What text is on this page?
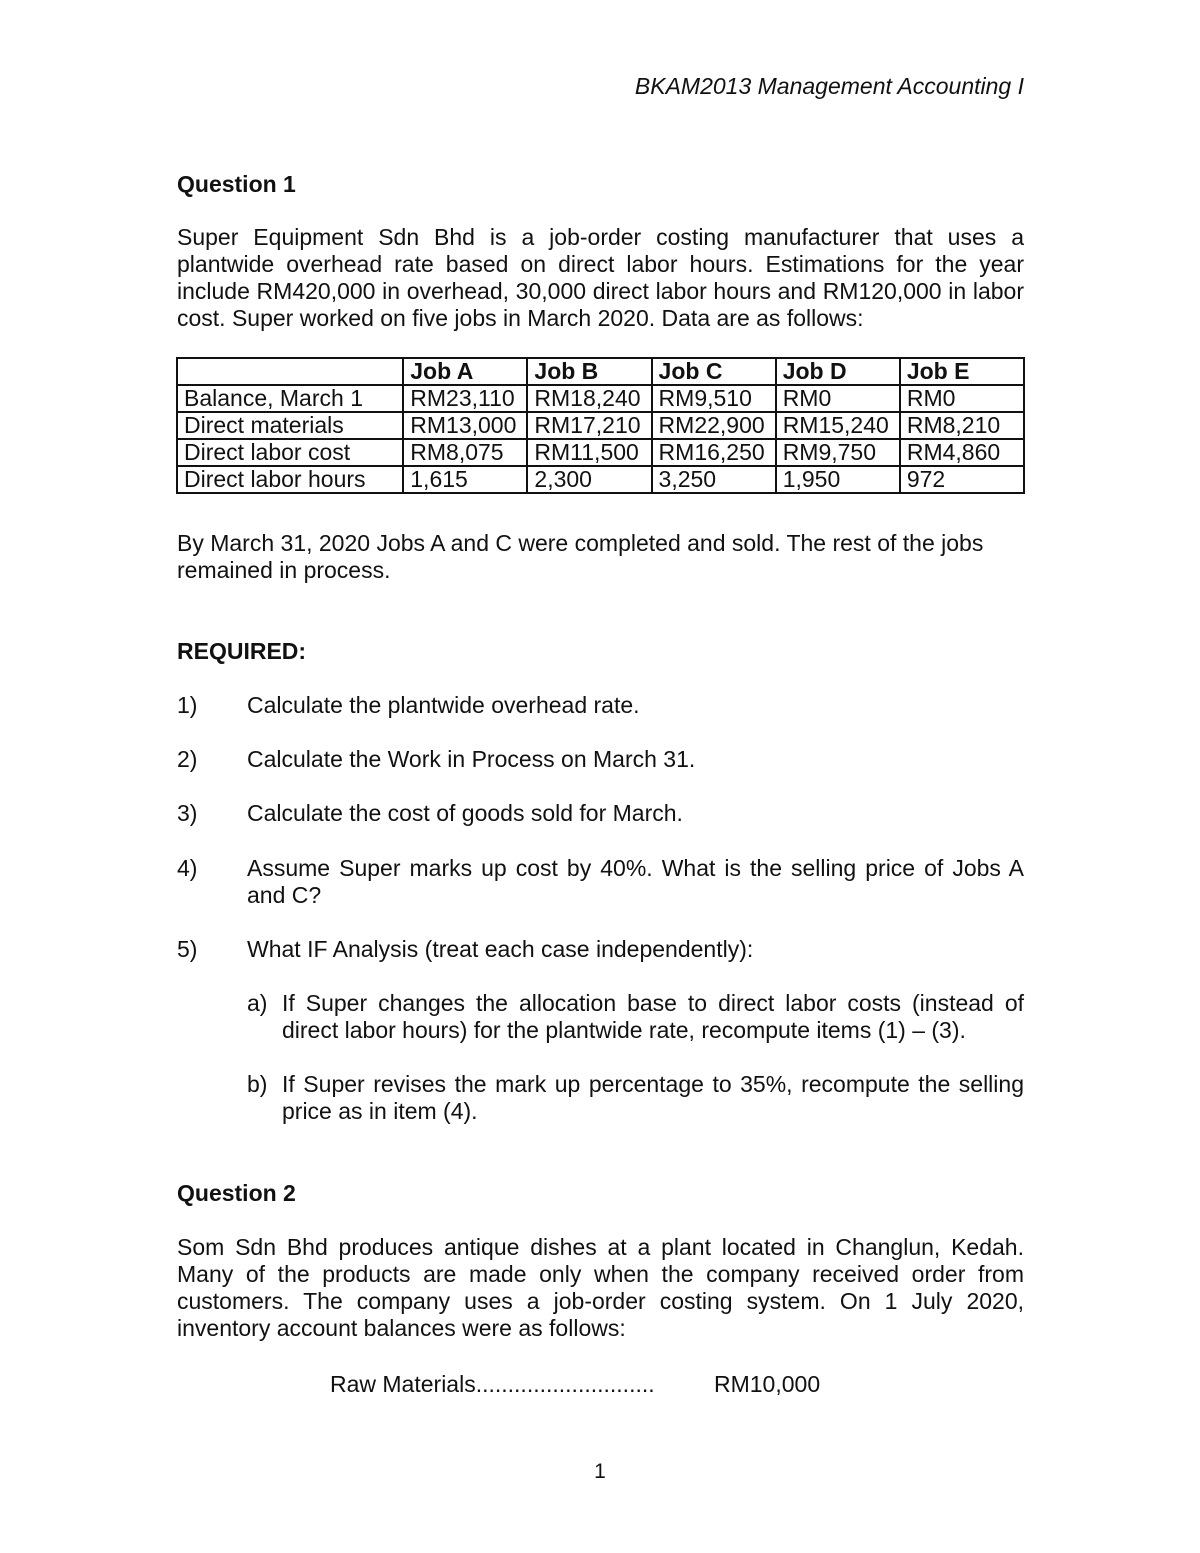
BKAM2013 Management Accounting I
Question 1

Super Equipment Sdn Bhd is a job-order costing manufacturer that uses a plantwide overhead rate based on direct labor hours. Estimations for the year include RM420,000 in overhead, 30,000 direct labor hours and RM120,000 in labor cost. Super worked on five jobs in March 2020. Data are as follows:

	Job A	Job B	Job C	Job D	Job E
Balance, March 1	RM23,110	RM18,240	RM9,510	RM0	RM0
Direct materials	RM13,000	RM17,210	RM22,900	RM15,240	RM8,210
Direct labor cost	RM8,075	RM11,500	RM16,250	RM9,750	RM4,860
Direct labor hours	1,615	2,300	3,250	1,950	972

By March 31, 2020 Jobs A and C were completed and sold. The rest of the jobs remained in process.

REQUIRED:
1) Calculate the plantwide overhead rate.

2) Calculate the Work in Process on March 31.

3) Calculate the cost of goods sold for March.

4) Assume Super marks up cost by 40%. What is the selling price of Jobs A and C?

5) What IF Analysis (treat each case independently):

a) If Super changes the allocation base to direct labor costs (instead of direct labor hours) for the plantwide rate, recompute items (1) – (3).

b) If Super revises the mark up percentage to 35%, recompute the selling price as in item (4).

Question 2

Som Sdn Bhd produces antique dishes at a plant located in Changlun, Kedah. Many of the products are made only when the company received order from customers. The company uses a job-order costing system. On 1 July 2020, inventory account balances were as follows:

Raw Materials............................	RM10,000
1
